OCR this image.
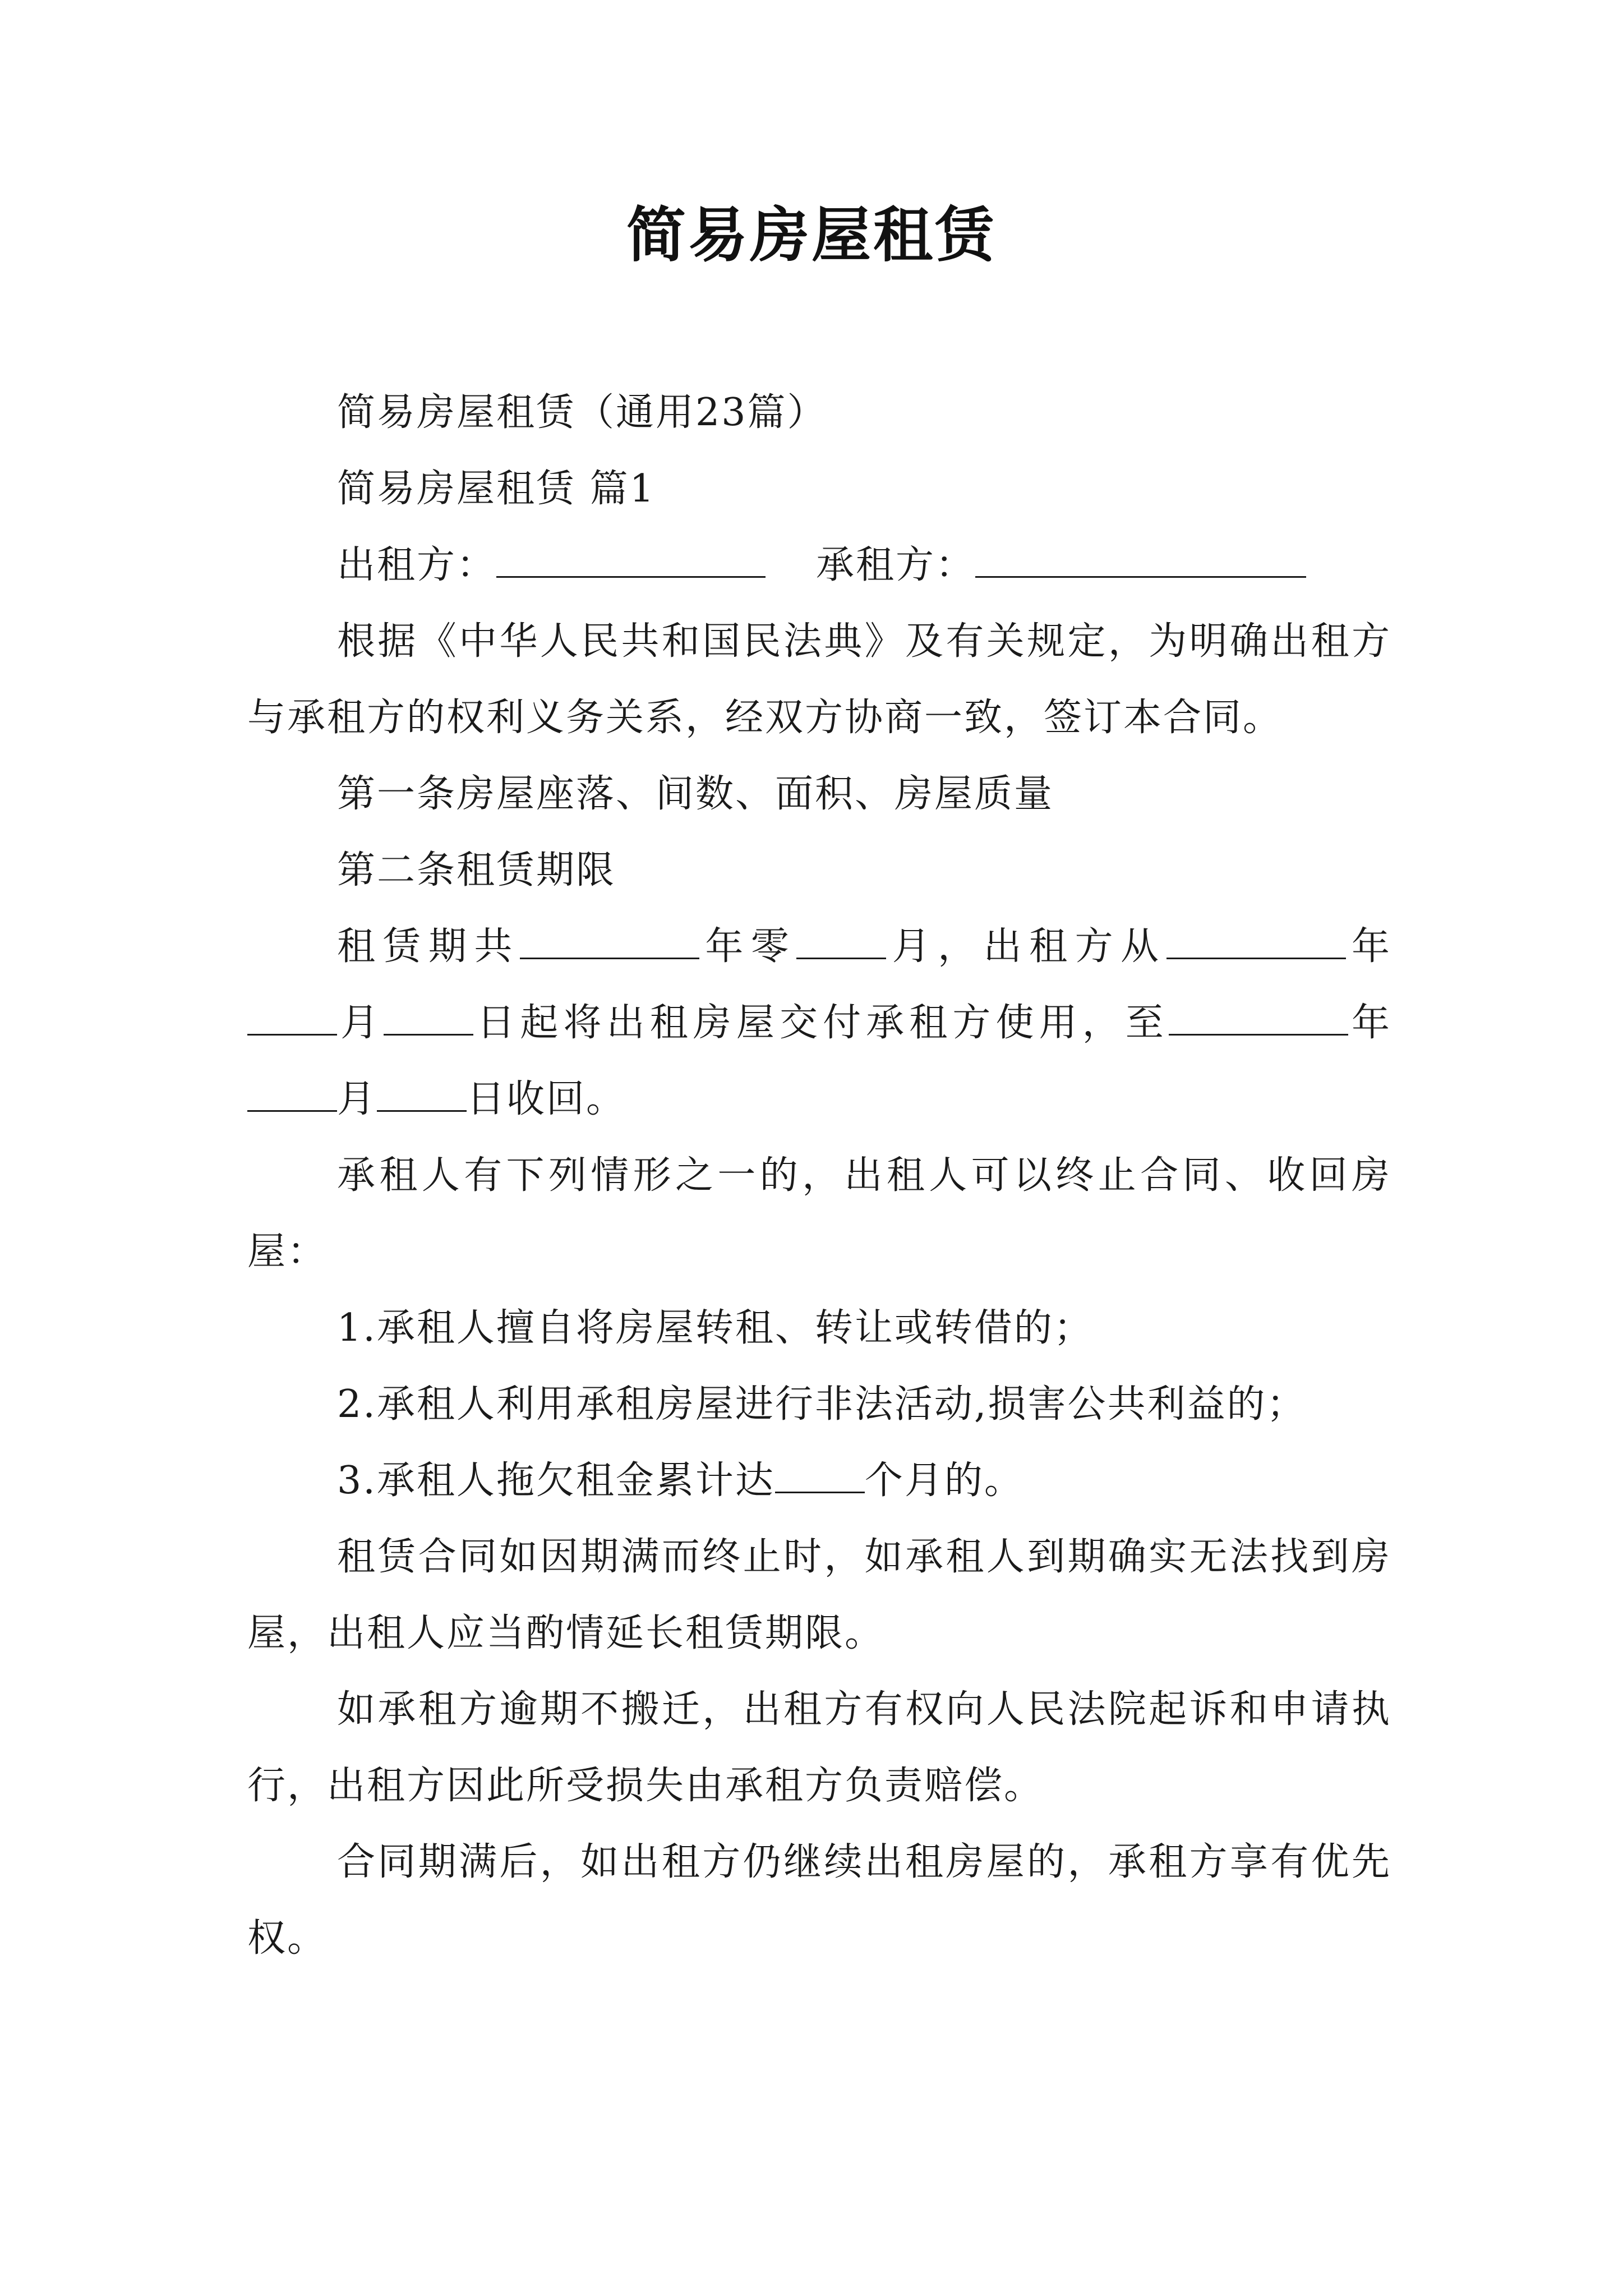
简易房屋租赁

简易房屋租赁（通用23篇）

简易房屋租赁 篇1

出租方：	承租方：

根据《中华人民共和国民法典》及有关规定，为明确出租方与承租方的权利义务关系，经双方协商一致，签订本合同。

第一条房屋座落、间数、面积、房屋质量

第二条租赁期限

租赁期共	年零 月，出租方从	年月 日起将出租房屋交付承租方使用，至	年月 日收回。

承租人有下列情形之一的，出租人可以终止合同、收回房屋：

1.承租人擅自将房屋转租、转让或转借的；

2.承租人利用承租房屋进行非法活动,损害公共利益的；

3.承租人拖欠租金累计达 个月的。

租赁合同如因期满而终止时，如承租人到期确实无法找到房屋，出租人应当酌情延长租赁期限。

如承租方逾期不搬迁，出租方有权向人民法院起诉和申请执行，出租方因此所受损失由承租方负责赔偿。

合同期满后，如出租方仍继续出租房屋的，承租方享有优先权。
